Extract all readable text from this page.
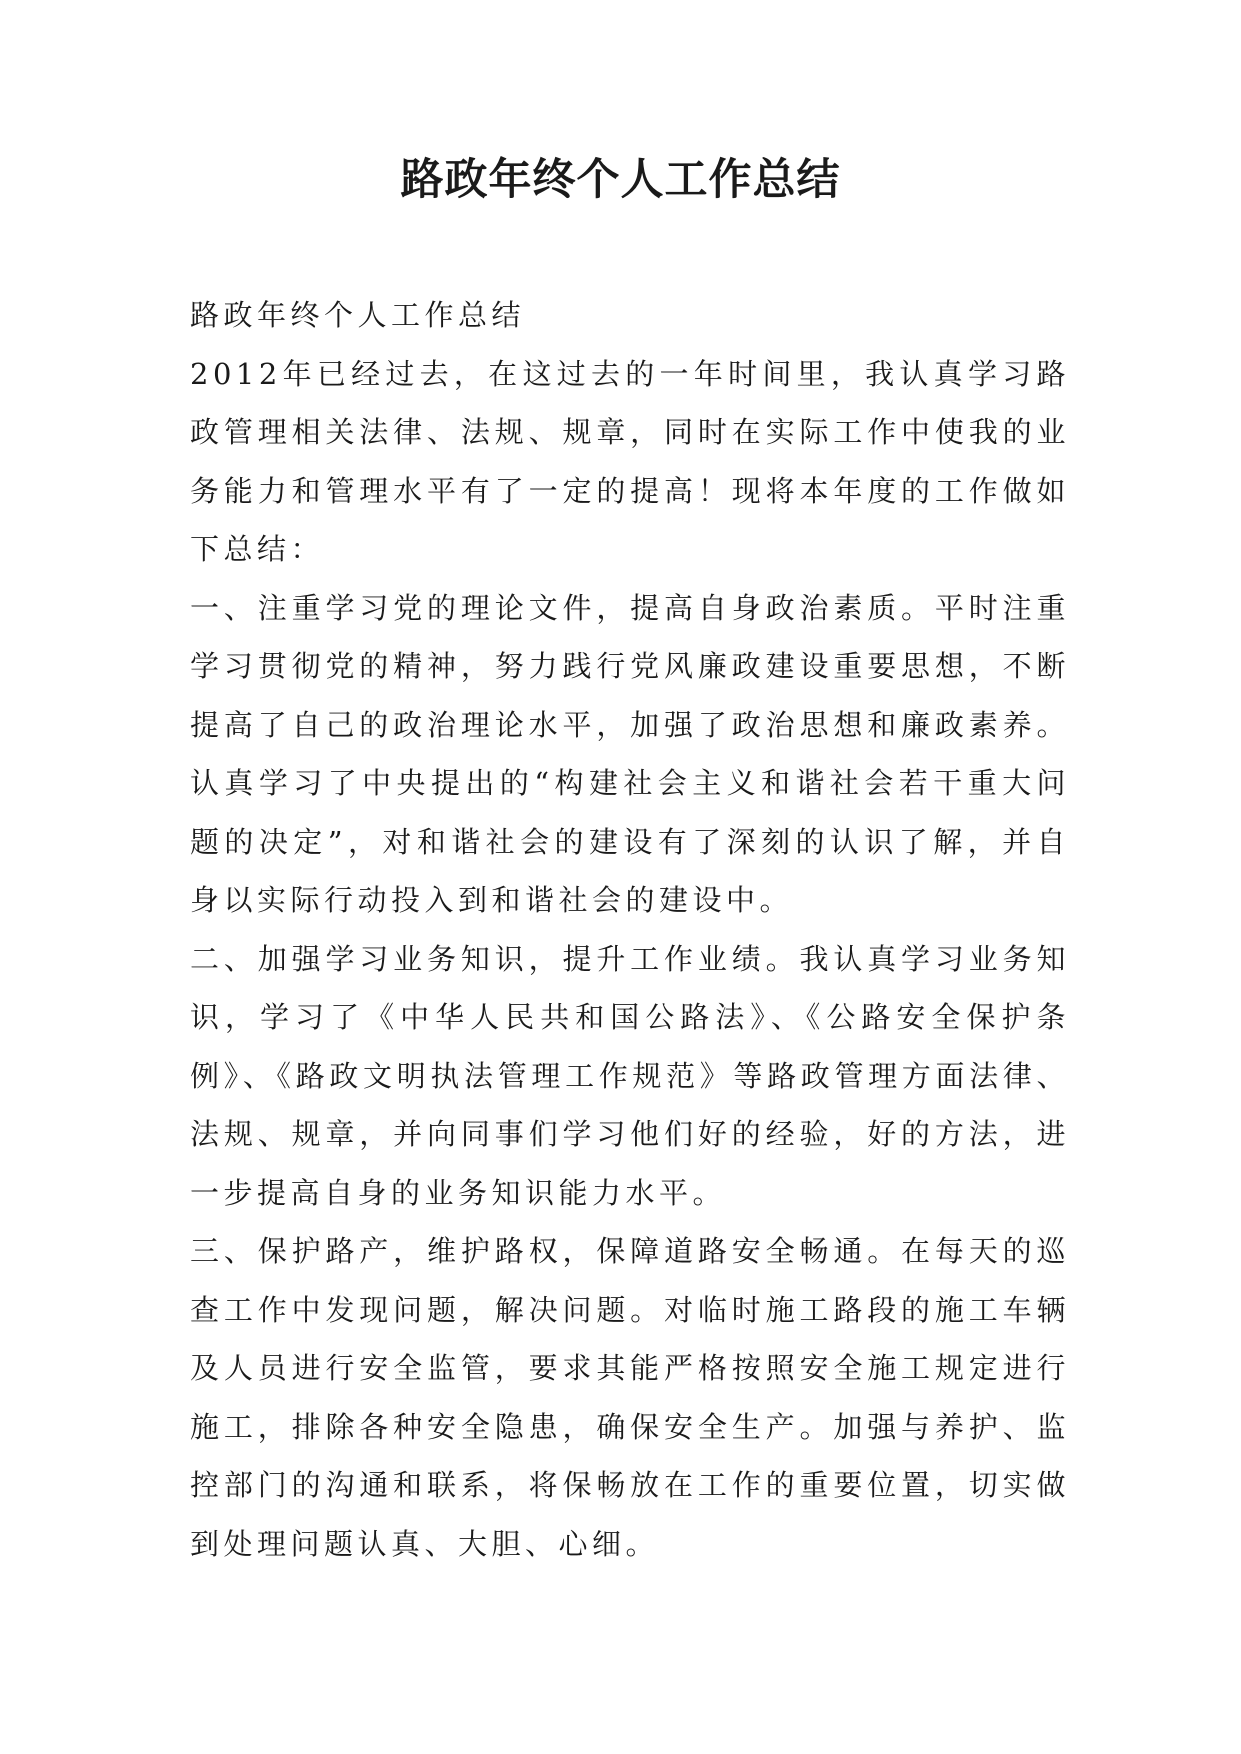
路政年终个人工作总结

路政年终个人工作总结

2012年已经过去，在这过去的一年时间里，我认真学习路政管理相关法律、法规、规章，同时在实际工作中使我的业务能力和管理水平有了一定的提高！现将本年度的工作做如下总结：

一、注重学习党的理论文件，提高自身政治素质。平时注重学习贯彻党的精神，努力践行党风廉政建设重要思想，不断提高了自己的政治理论水平，加强了政治思想和廉政素养。认真学习了中央提出的“构建社会主义和谐社会若干重大问题的决定”，对和谐社会的建设有了深刻的认识了解，并自身以实际行动投入到和谐社会的建设中。

二、加强学习业务知识，提升工作业绩。我认真学习业务知识，学习了《中华人民共和国公路法》、《公路安全保护条例》、《路政文明执法管理工作规范》等路政管理方面法律、法规、规章，并向同事们学习他们好的经验，好的方法，进一步提高自身的业务知识能力水平。

三、保护路产，维护路权，保障道路安全畅通。在每天的巡查工作中发现问题，解决问题。对临时施工路段的施工车辆及人员进行安全监管，要求其能严格按照安全施工规定进行施工，排除各种安全隐患，确保安全生产。加强与养护、监控部门的沟通和联系，将保畅放在工作的重要位置，切实做到处理问题认真、大胆、心细。
